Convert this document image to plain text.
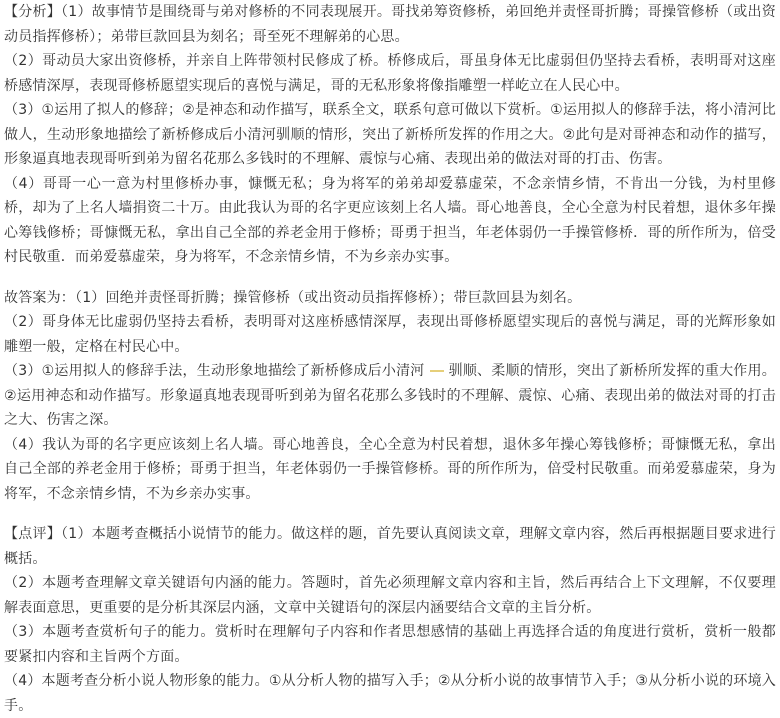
【分析】（1）故事情节是围绕哥与弟对修桥的不同表现展开。哥找弟筹资修桥，弟回绝并责怪哥折腾；哥操管修桥（或出资动员指挥修桥）；弟带巨款回县为刻名；哥至死不理解弟的心思。

（2）哥动员大家出资修桥，并亲自上阵带领村民修成了桥。桥修成后，哥虽身体无比虚弱但仍坚持去看桥，表明哥对这座桥感情深厚，表现哥修桥愿望实现后的喜悦与满足，哥的无私形象将像指雕塑一样屹立在人民心中。

（3）①运用了拟人的修辞；②是神态和动作描写，联系全文，联系句意可做以下赏析。①运用拟人的修辞手法，将小清河比做人，生动形象地描绘了新桥修成后小清河驯顺的情形，突出了新桥所发挥的作用之大。②此句是对哥神态和动作的描写，形象逼真地表现哥听到弟为留名花那么多钱时的不理解、震惊与心痛、表现出弟的做法对哥的打击、伤害。

（4）哥哥一心一意为村里修桥办事，慷慨无私；身为将军的弟弟却爱慕虚荣，不念亲情乡情，不肯出一分钱，为村里修桥，却为了上名人墙捐资二十万。由此我认为哥的名字更应该刻上名人墙。哥心地善良，全心全意为村民着想，退休多年操心筹钱修桥；哥慷慨无私，拿出自己全部的养老金用于修桥；哥勇于担当，年老体弱仍一手操管修桥．哥的所作所为，倍受村民敬重．而弟爱慕虚荣，身为将军，不念亲情乡情，不为乡亲办实事。

故答案为：（1）回绝并责怪哥折腾；操管修桥（或出资动员指挥修桥）；带巨款回县为刻名。

（2）哥身体无比虚弱仍坚持去看桥，表明哥对这座桥感情深厚，表现出哥修桥愿望实现后的喜悦与满足，哥的光辉形象如雕塑一般，定格在村民心中。

（3）①运用拟人的修辞手法，生动形象地描绘了新桥修成后小清河 驯顺、柔顺的情形，突出了新桥所发挥的重大作用。②运用神态和动作描写。形象逼真地表现哥听到弟为留名花那么多钱时的不理解、震惊、心痛、表现出弟的做法对哥的打击之大、伤害之深。

（4）我认为哥的名字更应该刻上名人墙。哥心地善良，全心全意为村民着想，退休多年操心筹钱修桥；哥慷慨无私，拿出自己全部的养老金用于修桥；哥勇于担当，年老体弱仍一手操管修桥。哥的所作所为，倍受村民敬重。而弟爱慕虚荣，身为将军，不念亲情乡情，不为乡亲办实事。

【点评】（1）本题考查概括小说情节的能力。做这样的题，首先要认真阅读文章，理解文章内容，然后再根据题目要求进行概括。

（2）本题考查理解文章关键语句内涵的能力。答题时，首先必须理解文章内容和主旨，然后再结合上下文理解，不仅要理解表面意思，更重要的是分析其深层内涵，文章中关键语句的深层内涵要结合文章的主旨分析。

（3）本题考查赏析句子的能力。赏析时在理解句子内容和作者思想感情的基础上再选择合适的角度进行赏析，赏析一般都要紧扣内容和主旨两个方面。

（4）本题考查分析小说人物形象的能力。①从分析人物的描写入手；②从分析小说的故事情节入手；③从分析小说的环境入手。
